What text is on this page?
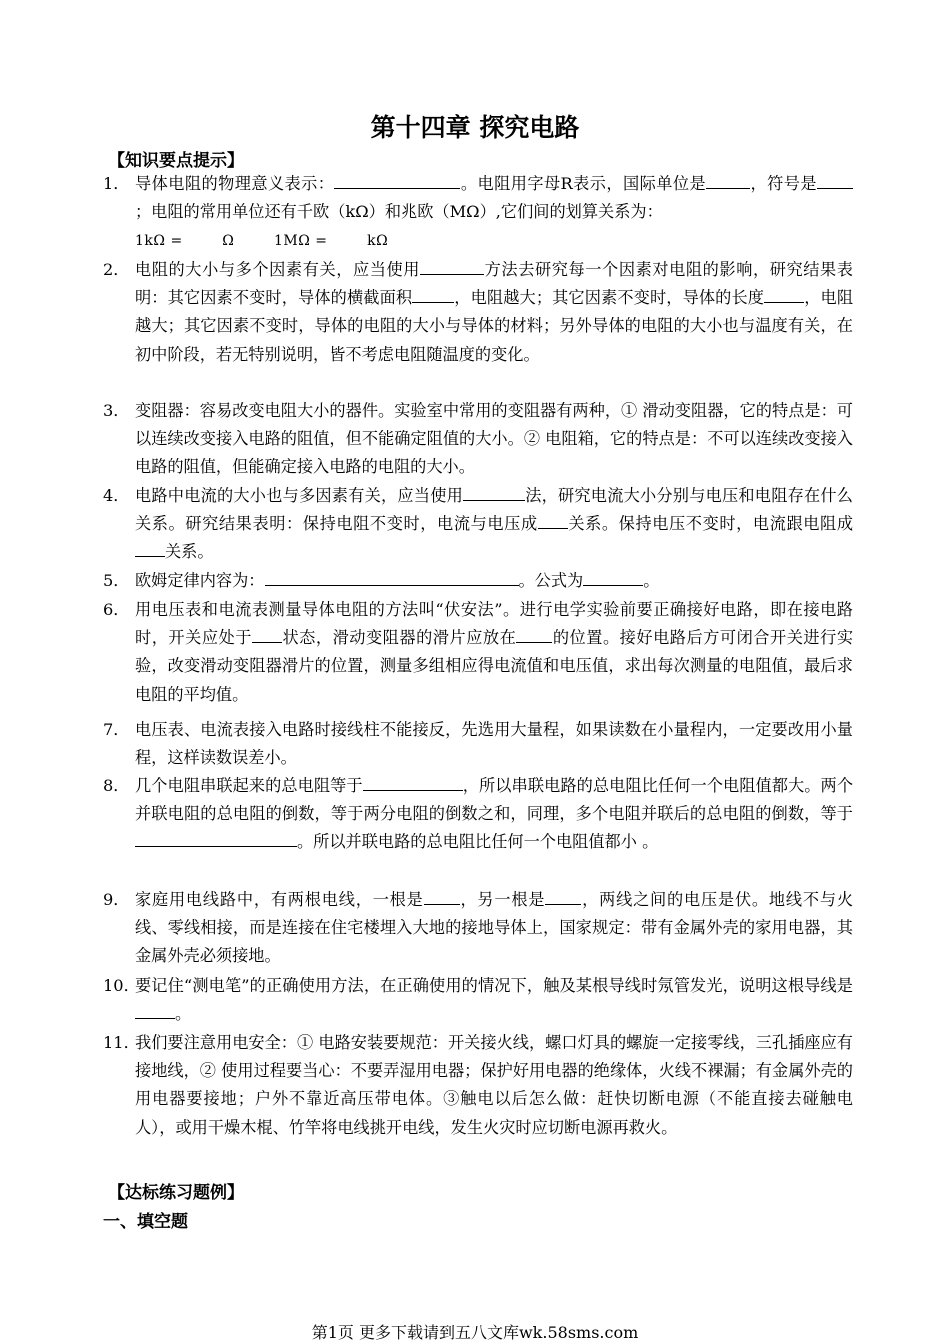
第十四章 探究电路
【知识要点提示】
1． 导体电阻的物理意义表示：	。电阻用字母R表示，国际单位是	，符号是；电阻的常用单位还有千欧（kΩ）和兆欧（MΩ）,它们间的划算关系为：
1kΩ =        Ω        1MΩ =        kΩ
2． 电阻的大小与多个因素有关，应当使用	方法去研究每一个因素对电阻的影响，研究结果表明：其它因素不变时，导体的横截面积	，电阻越大；其它因素不变时，导体的长度 ，电阻越大；其它因素不变时，导体的电阻的大小与导体的材料；另外导体的电阻的大小也与温度有关，在初中阶段，若无特别说明，皆不考虑电阻随温度的变化。
3． 变阻器：容易改变电阻大小的器件。实验室中常用的变阻器有两种，① 滑动变阻器，它的特点是：可以连续改变接入电路的阻值，但不能确定阻值的大小。② 电阻箱，它的特点是：不可以连续改变接入电路的阻值，但能确定接入电路的电阻的大小。
4． 电路中电流的大小也与多因素有关，应当使用	法，研究电流大小分别与电压和电阻存在什么关系。研究结果表明：保持电阻不变时，电流与电压成 关系。保持电压不变时，电流跟电阻成关系。
5． 欧姆定律内容为：	。公式为	。
6． 用电压表和电流表测量导体电阻的方法叫“伏安法”。进行电学实验前要正确接好电路，即在接电路时，开关应处于 状态，滑动变阻器的滑片应放在 的位置。接好电路后方可闭合开关进行实验，改变滑动变阻器滑片的位置，测量多组相应得电流值和电压值，求出每次测量的电阻值，最后求电阻的平均值。
7． 电压表、电流表接入电路时接线柱不能接反，先选用大量程，如果读数在小量程内，一定要改用小量程，这样读数误差小。
8． 几个电阻串联起来的总电阻等于	，所以串联电路的总电阻比任何一个电阻值都大。两个并联电阻的总电阻的倒数，等于两分电阻的倒数之和，同理，多个电阻并联后的总电阻的倒数，等于。所以并联电路的总电阻比任何一个电阻值都小 。
9． 家庭用电线路中，有两根电线，一根是 ，另一根是 ，两线之间的电压是伏。地线不与火线、零线相接，而是连接在住宅楼埋入大地的接地导体上，国家规定：带有金属外壳的家用电器，其金属外壳必须接地。
10．
要记住“测电笔”的正确使用方法，在正确使用的情况下，触及某根导线时氖管发光，说明这根导线是。
11．
我们要注意用电安全：① 电路安装要规范：开关接火线，螺口灯具的螺旋一定接零线，三孔插座应有接地线，② 使用过程要当心：不要弄湿用电器；保护好用电器的绝缘体，火线不裸漏；有金属外壳的用电器要接地；户外不靠近高压带电体。③触电以后怎么做：赶快切断电源（不能直接去碰触电人），或用干燥木棍、竹竿将电线挑开电线，发生火灾时应切断电源再救火。
【达标练习题例】
一、填空题
第1页 更多下载请到五八文库wk.58sms.com
